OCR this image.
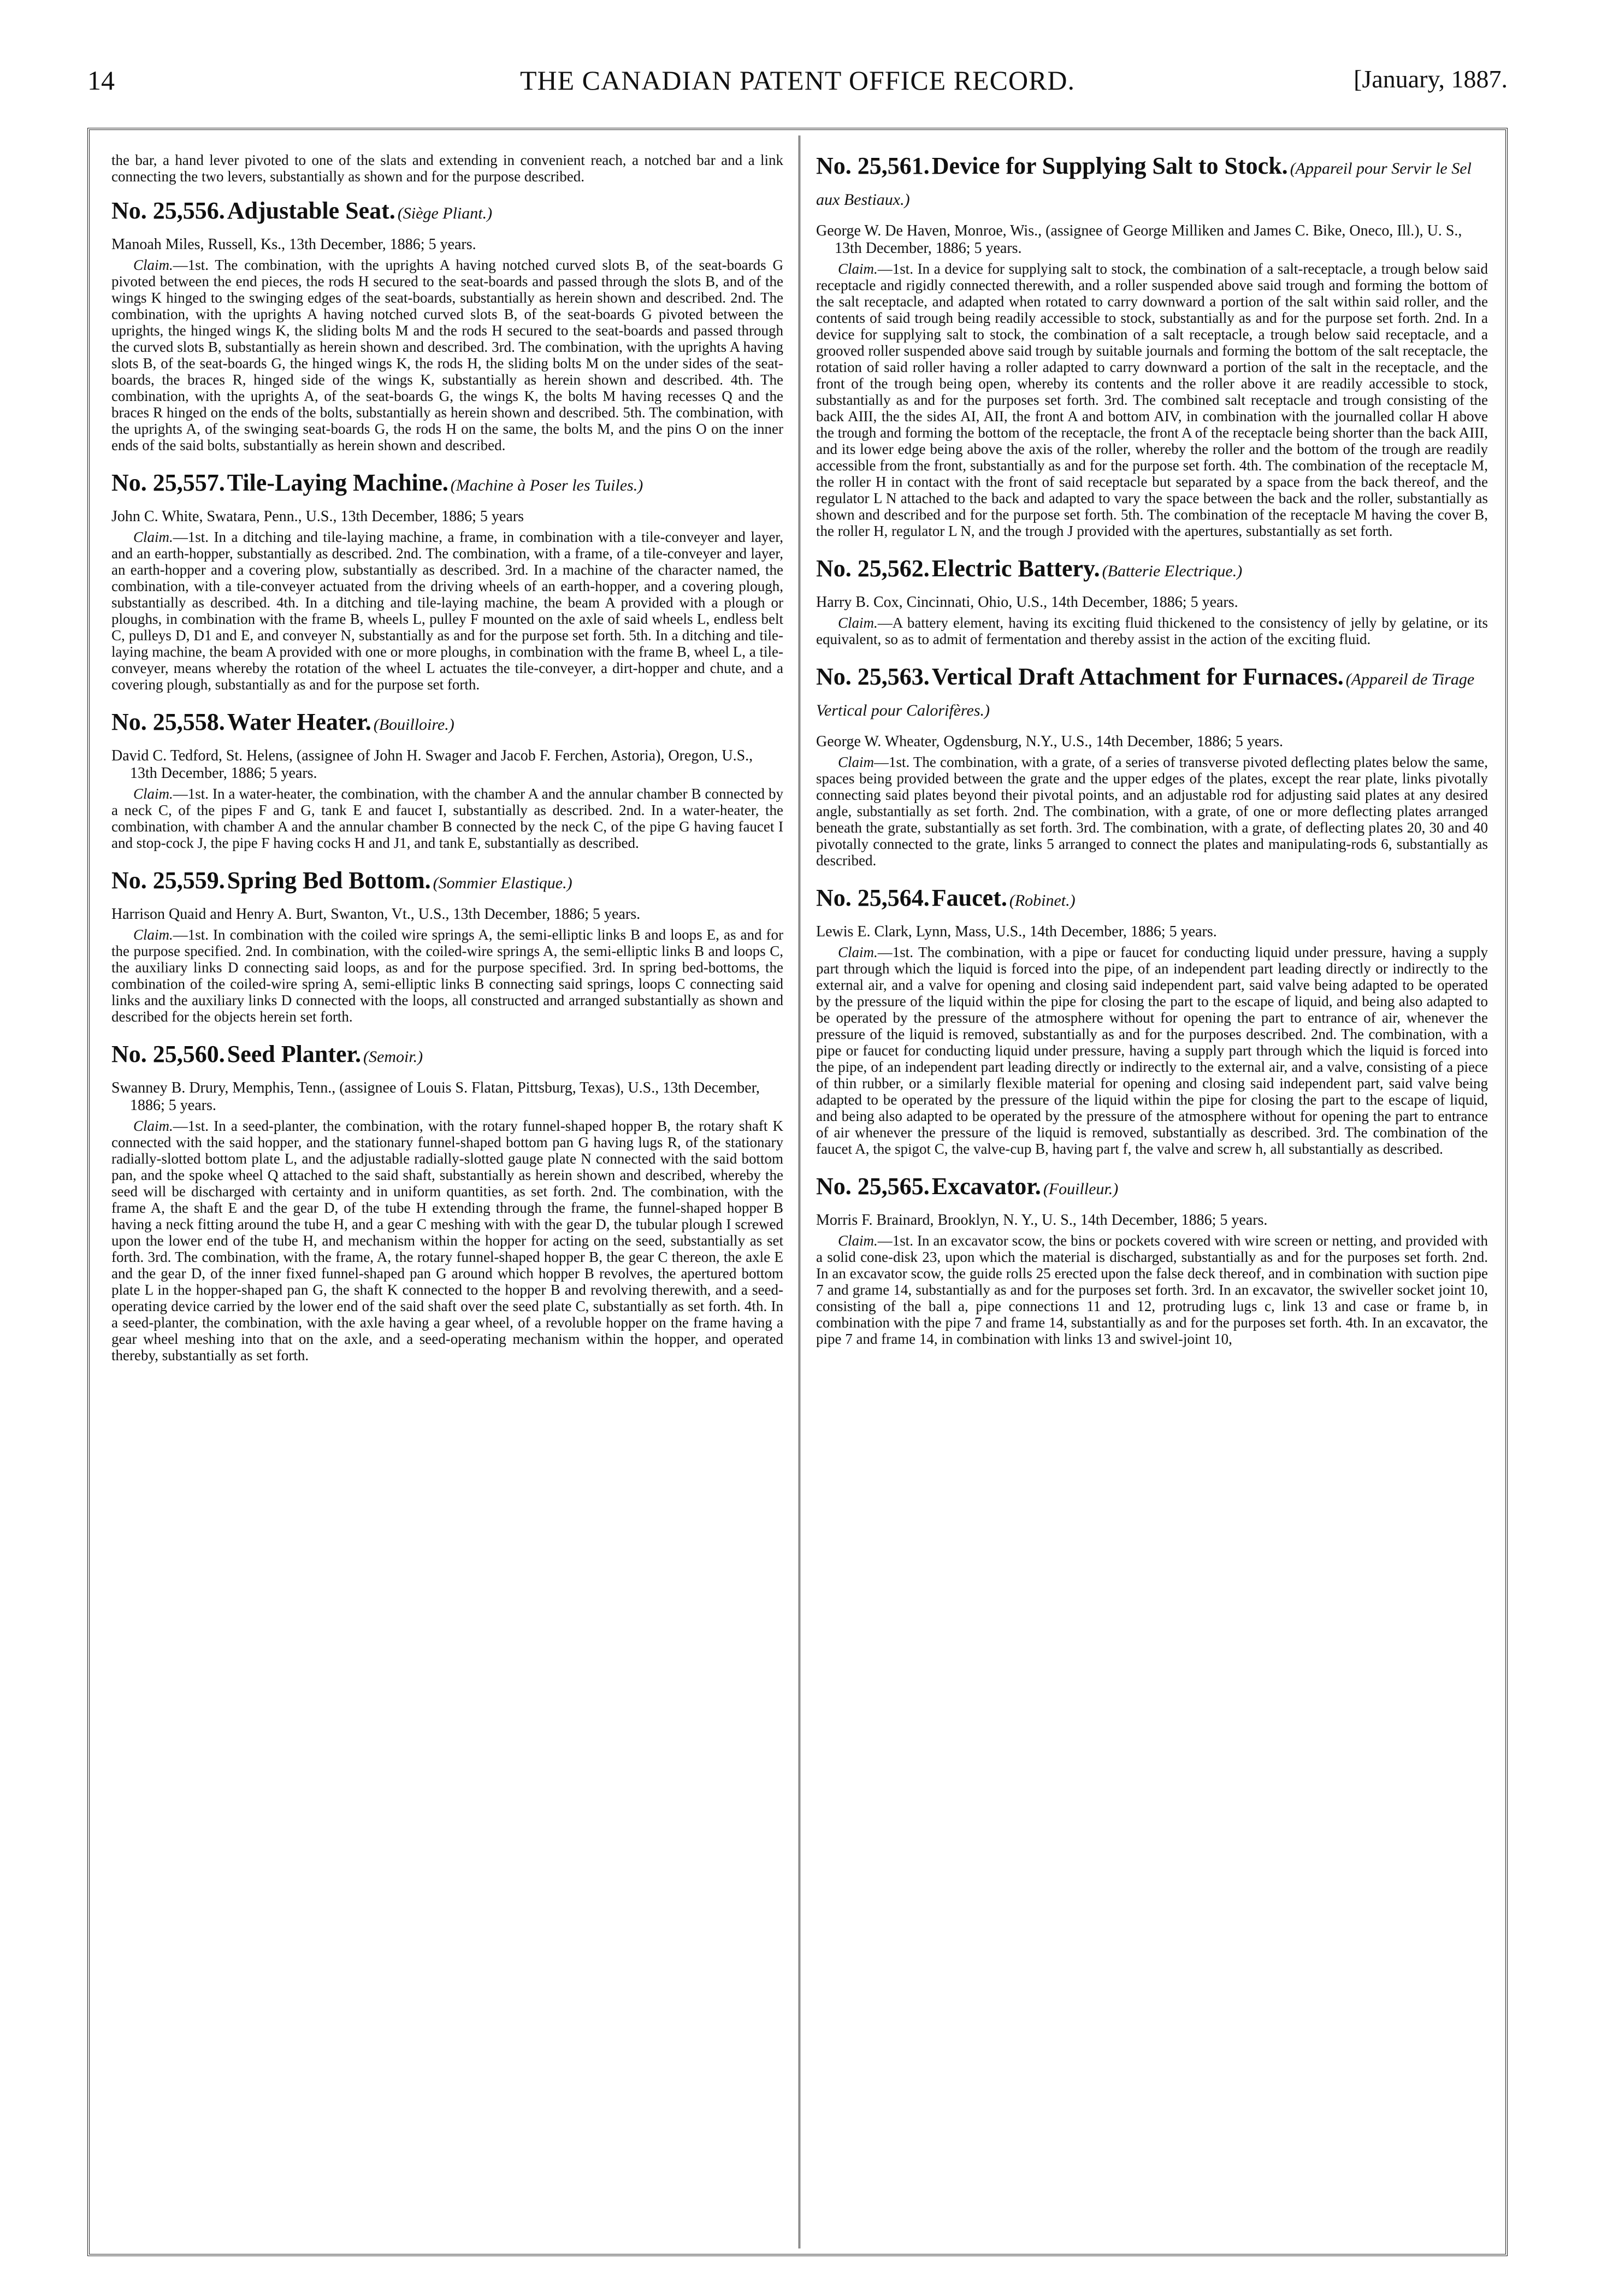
14	THE CANADIAN PATENT OFFICE RECORD.	[January, 1887.

the bar, a hand lever pivoted to one of the slats and extending in convenient reach, a notched bar and a link connecting the two levers, substantially as shown and for the purpose described.

No. 25,556. Adjustable Seat. (Siège Pliant.)

Manoah Miles, Russell, Ks., 13th December, 1886; 5 years.

Claim.—1st. The combination, with the uprights A having notched curved slots B, of the seat-boards G pivoted between the end pieces, the rods H secured to the seat-boards and passed through the slots B, and of the wings K hinged to the swinging edges of the seat-boards, substantially as herein shown and described. 2nd. The combination, with the uprights A having notched curved slots B, of the seat-boards G pivoted between the uprights, the hinged wings K, the sliding bolts M and the rods H secured to the seat-boards and passed through the curved slots B, substantially as herein shown and described. 3rd. The combination, with the uprights A having slots B, of the seat-boards G, the hinged wings K, the rods H, the sliding bolts M on the under sides of the seat-boards, the braces R, hinged side of the wings K, substantially as herein shown and described. 4th. The combination, with the uprights A, of the seat-boards G, the wings K, the bolts M having recesses Q and the braces R hinged on the ends of the bolts, substantially as herein shown and described. 5th. The combination, with the uprights A, of the swinging seat-boards G, the rods H on the same, the bolts M, and the pins O on the inner ends of the said bolts, substantially as herein shown and described.

No. 25,557. Tile-Laying Machine. (Machine à Poser les Tuiles.)

John C. White, Swatara, Penn., U.S., 13th December, 1886; 5 years

Claim.—1st. In a ditching and tile-laying machine, a frame, in combination with a tile-conveyer and layer, and an earth-hopper, substantially as described. 2nd. The combination, with a frame, of a tile-conveyer and layer, an earth-hopper and a covering plow, substantially as described. 3rd. In a machine of the character named, the combination, with a tile-conveyer actuated from the driving wheels of an earth-hopper, and a covering plough, substantially as described. 4th. In a ditching and tile-laying machine, the beam A provided with a plough or ploughs, in combination with the frame B, wheels L, pulley F mounted on the axle of said wheels L, endless belt C, pulleys D, D1 and E, and conveyer N, substantially as and for the purpose set forth. 5th. In a ditching and tile-laying machine, the beam A provided with one or more ploughs, in combination with the frame B, wheel L, a tile-conveyer, means whereby the rotation of the wheel L actuates the tile-conveyer, a dirt-hopper and chute, and a covering plough, substantially as and for the purpose set forth.

No. 25,558. Water Heater. (Bouilloire.)

David C. Tedford, St. Helens, (assignee of John H. Swager and Jacob F. Ferchen, Astoria), Oregon, U.S., 13th December, 1886; 5 years.

Claim.—1st. In a water-heater, the combination, with the chamber A and the annular chamber B connected by a neck C, of the pipes F and G, tank E and faucet I, substantially as described. 2nd. In a water-heater, the combination, with chamber A and the annular chamber B connected by the neck C, of the pipe G having faucet I and stop-cock J, the pipe F having cocks H and J1, and tank E, substantially as described.

No. 25,559. Spring Bed Bottom. (Sommier Elastique.)

Harrison Quaid and Henry A. Burt, Swanton, Vt., U.S., 13th December, 1886; 5 years.

Claim.—1st. In combination with the coiled wire springs A, the semi-elliptic links B and loops E, as and for the purpose specified. 2nd. In combination, with the coiled-wire springs A, the semi-elliptic links B and loops C, the auxiliary links D connecting said loops, as and for the purpose specified. 3rd. In spring bed-bottoms, the combination of the coiled-wire spring A, semi-elliptic links B connecting said springs, loops C connecting said links and the auxiliary links D connected with the loops, all constructed and arranged substantially as shown and described for the objects herein set forth.

No. 25,560. Seed Planter. (Semoir.)

Swanney B. Drury, Memphis, Tenn., (assignee of Louis S. Flatan, Pittsburg, Texas), U.S., 13th December, 1886; 5 years.

Claim.—1st. In a seed-planter, the combination, with the rotary funnel-shaped hopper B, the rotary shaft K connected with the said hopper, and the stationary funnel-shaped bottom pan G having lugs R, of the stationary radially-slotted bottom plate L, and the adjustable radially-slotted gauge plate N connected with the said bottom pan, and the spoke wheel Q attached to the said shaft, substantially as herein shown and described, whereby the seed will be discharged with certainty and in uniform quantities, as set forth. 2nd. The combination, with the frame A, the shaft E and the gear D, of the tube H extending through the frame, the funnel-shaped hopper B having a neck fitting around the tube H, and a gear C meshing with with the gear D, the tubular plough I screwed upon the lower end of the tube H, and mechanism within the hopper for acting on the seed, substantially as set forth. 3rd. The combination, with the frame, A, the rotary funnel-shaped hopper B, the gear C thereon, the axle E and the gear D, of the inner fixed funnel-shaped pan G around which hopper B revolves, the apertured bottom plate L in the hopper-shaped pan G, the shaft K connected to the hopper B and revolving therewith, and a seed-operating device carried by the lower end of the said shaft over the seed plate C, substantially as set forth. 4th. In a seed-planter, the combination, with the axle having a gear wheel, of a revoluble hopper on the frame having a gear wheel meshing into that on the axle, and a seed-operating mechanism within the hopper, and operated thereby, substantially as set forth.

No. 25,561. Device for Supplying Salt to Stock. (Appareil pour Servir le Sel aux Bestiaux.)

George W. De Haven, Monroe, Wis., (assignee of George Milliken and James C. Bike, Oneco, Ill.), U. S., 13th December, 1886; 5 years.

Claim.—1st. In a device for supplying salt to stock, the combination of a salt-receptacle, a trough below said receptacle and rigidly connected therewith, and a roller suspended above said trough and forming the bottom of the salt receptacle, and adapted when rotated to carry downward a portion of the salt within said roller, and the contents of said trough being readily accessible to stock, substantially as and for the purpose set forth. 2nd. In a device for supplying salt to stock, the combination of a salt receptacle, a trough below said receptacle, and a grooved roller suspended above said trough by suitable journals and forming the bottom of the salt receptacle, the rotation of said roller having a roller adapted to carry downward a portion of the salt in the receptacle, and the front of the trough being open, whereby its contents and the roller above it are readily accessible to stock, substantially as and for the purposes set forth. 3rd. The combined salt receptacle and trough consisting of the back AIII, the the sides AI, AII, the front A and bottom AIV, in combination with the journalled collar H above the trough and forming the bottom of the receptacle, the front A of the receptacle being shorter than the back AIII, and its lower edge being above the axis of the roller, whereby the roller and the bottom of the trough are readily accessible from the front, substantially as and for the purpose set forth. 4th. The combination of the receptacle M, the roller H in contact with the front of said receptacle but separated by a space from the back thereof, and the regulator L N attached to the back and adapted to vary the space between the back and the roller, substantially as shown and described and for the purpose set forth. 5th. The combination of the receptacle M having the cover B, the roller H, regulator L N, and the trough J provided with the apertures, substantially as set forth.

No. 25,562. Electric Battery. (Batterie Electrique.)

Harry B. Cox, Cincinnati, Ohio, U.S., 14th December, 1886; 5 years.

Claim.—A battery element, having its exciting fluid thickened to the consistency of jelly by gelatine, or its equivalent, so as to admit of fermentation and thereby assist in the action of the exciting fluid.

No. 25,563. Vertical Draft Attachment for Furnaces. (Appareil de Tirage Vertical pour Calorifères.)

George W. Wheater, Ogdensburg, N.Y., U.S., 14th December, 1886; 5 years.

Claim—1st. The combination, with a grate, of a series of transverse pivoted deflecting plates below the same, spaces being provided between the grate and the upper edges of the plates, except the rear plate, links pivotally connecting said plates beyond their pivotal points, and an adjustable rod for adjusting said plates at any desired angle, substantially as set forth. 2nd. The combination, with a grate, of one or more deflecting plates arranged beneath the grate, substantially as set forth. 3rd. The combination, with a grate, of deflecting plates 20, 30 and 40 pivotally connected to the grate, links 5 arranged to connect the plates and manipulating-rods 6, substantially as described.

No. 25,564. Faucet. (Robinet.)

Lewis E. Clark, Lynn, Mass, U.S., 14th December, 1886; 5 years.

Claim.—1st. The combination, with a pipe or faucet for conducting liquid under pressure, having a supply part through which the liquid is forced into the pipe, of an independent part leading directly or indirectly to the external air, and a valve for opening and closing said independent part, said valve being adapted to be operated by the pressure of the liquid within the pipe for closing the part to the escape of liquid, and being also adapted to be operated by the pressure of the atmosphere without for opening the part to entrance of air, whenever the pressure of the liquid is removed, substantially as and for the purposes described. 2nd. The combination, with a pipe or faucet for conducting liquid under pressure, having a supply part through which the liquid is forced into the pipe, of an independent part leading directly or indirectly to the external air, and a valve, consisting of a piece of thin rubber, or a similarly flexible material for opening and closing said independent part, said valve being adapted to be operated by the pressure of the liquid within the pipe for closing the part to the escape of liquid, and being also adapted to be operated by the pressure of the atmosphere without for opening the part to entrance of air whenever the pressure of the liquid is removed, substantially as described. 3rd. The combination of the faucet A, the spigot C, the valve-cup B, having part f, the valve and screw h, all substantially as described.

No. 25,565. Excavator. (Fouilleur.)

Morris F. Brainard, Brooklyn, N. Y., U. S., 14th December, 1886; 5 years.

Claim.—1st. In an excavator scow, the bins or pockets covered with wire screen or netting, and provided with a solid cone-disk 23, upon which the material is discharged, substantially as and for the purposes set forth. 2nd. In an excavator scow, the guide rolls 25 erected upon the false deck thereof, and in combination with suction pipe 7 and grame 14, substantially as and for the purposes set forth. 3rd. In an excavator, the swiveller socket joint 10, consisting of the ball a, pipe connections 11 and 12, protruding lugs c, link 13 and case or frame b, in combination with the pipe 7 and frame 14, substantially as and for the purposes set forth. 4th. In an excavator, the pipe 7 and frame 14, in combination with links 13 and swivel-joint 10,
